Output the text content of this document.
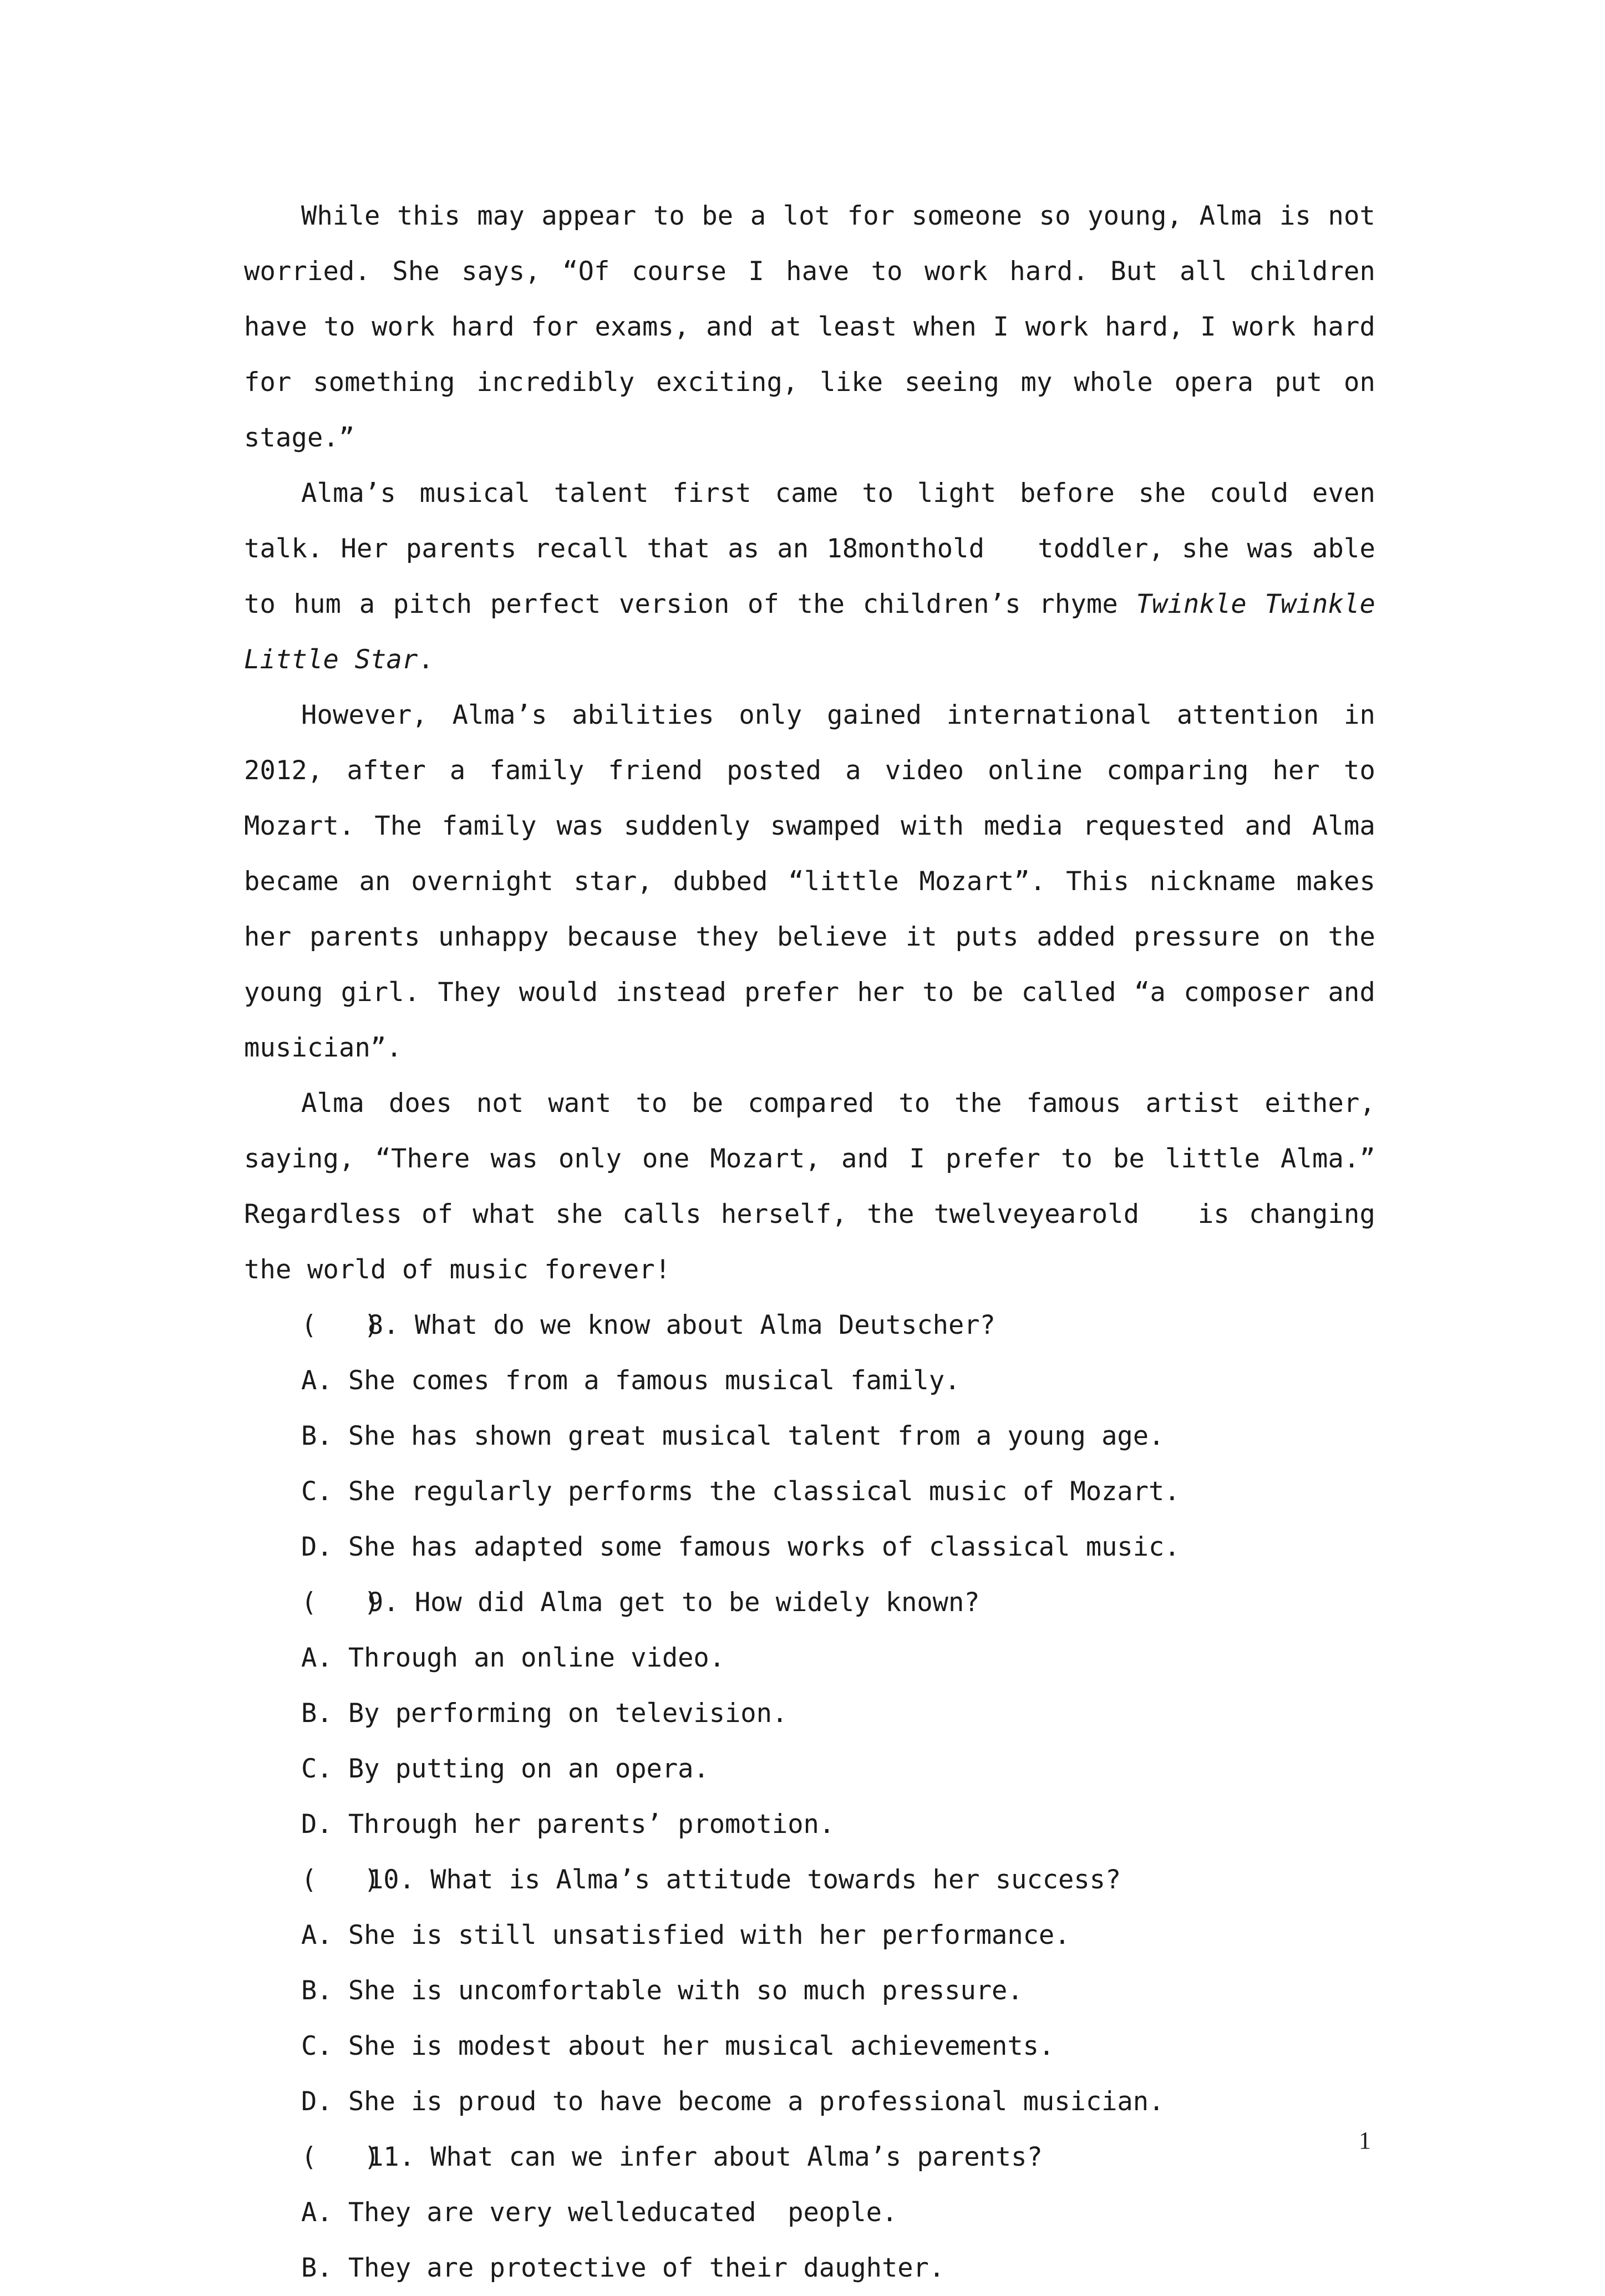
While this may appear to be a lot for someone so young, Alma is not worried. She says, “Of course I have to work hard. But all children have to work hard for exams, and at least when I work hard, I work hard for something incredibly exciting, like seeing my whole opera put on stage.”

Alma’s musical talent first came to light before she could even talk. Her parents recall that as an 18monthold   toddler, she was able to hum a pitch perfect version of the children’s rhyme Twinkle Twinkle Little Star.

However, Alma’s abilities only gained international attention in 2012, after a family friend posted a video online comparing her to Mozart. The family was suddenly swamped with media requested and Alma became an overnight star, dubbed “little Mozart”. This nickname makes her parents unhappy because they believe it puts added pressure on the young girl. They would instead prefer her to be called “a composer and musician”.

Alma does not want to be compared to the famous artist either, saying, “There was only one Mozart, and I prefer to be little Alma.” Regardless of what she calls herself, the twelveyearold   is changing the world of music forever!

(   )8. What do we know about Alma Deutscher?

A. She comes from a famous musical family.

B. She has shown great musical talent from a young age.

C. She regularly performs the classical music of Mozart.

D. She has adapted some famous works of classical music.

(   )9. How did Alma get to be widely known?

A. Through an online video.

B. By performing on television.

C. By putting on an opera.

D. Through her parents’ promotion.

(   )10. What is Alma’s attitude towards her success?

A. She is still unsatisfied with her performance.

B. She is uncomfortable with so much pressure.

C. She is modest about her musical achievements.

D. She is proud to have become a professional musician.

(   )11. What can we infer about Alma’s parents?

A. They are very welleducated  people.

B. They are protective of their daughter.

1
